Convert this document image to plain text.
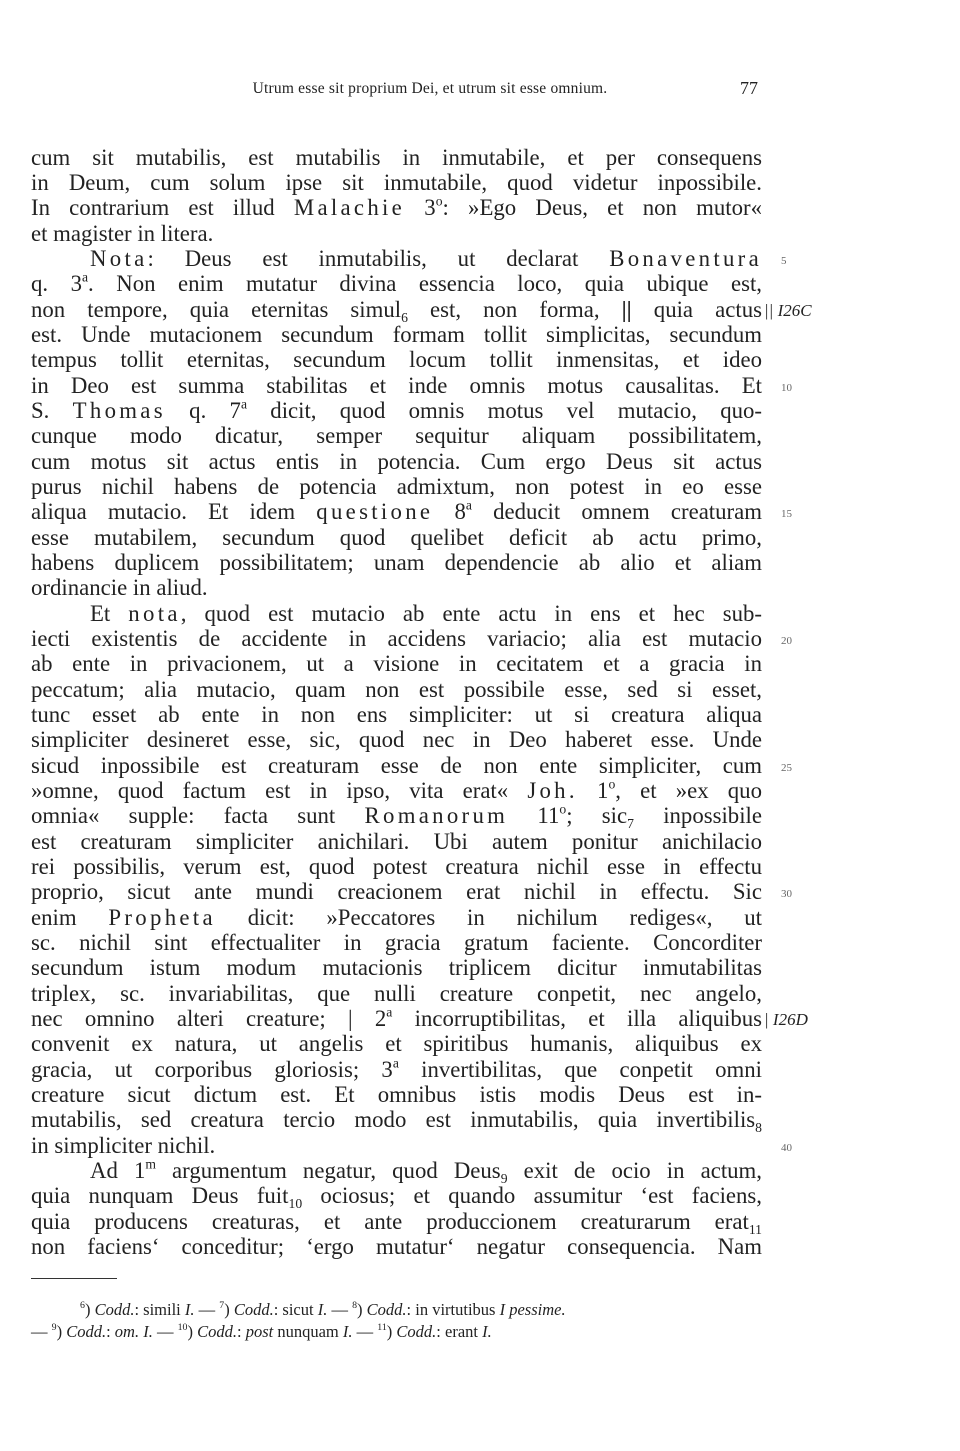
Utrum esse sit proprium Dei, et utrum sit esse omnium.	77
cum sit mutabilis, est mutabilis in inmutabile, et per consequens
in Deum, cum solum ipse sit inmutabile, quod videtur inpossibile.
In contrarium est illud Malachie 3$^o$: »Ego Deus, et non mutor«
et magister in litera.
Nota: Deus est inmutabilis, ut declarat Bonaventura
q. 3$^a$. Non enim mutatur divina essencia loco, quia ubique est,
non tempore, quia eternitas simul$_6$ est, non forma, || quia actus
est. Unde mutacionem secundum formam tollit simplicitas, secundum
tempus tollit eternitas, secundum locum tollit inmensitas, et ideo
in Deo est summa stabilitas et inde omnis motus causalitas. Et
S. Thomas q. 7$^a$ dicit, quod omnis motus vel mutacio, quo-
cunque modo dicatur, semper sequitur aliquam possibilitatem,
cum motus sit actus entis in potencia. Cum ergo Deus sit actus
purus nichil habens de potencia admixtum, non potest in eo esse
aliqua mutacio. Et idem questione 8$^a$ deducit omnem creaturam
esse mutabilem, secundum quod quelibet deficit ab actu primo,
habens duplicem possibilitatem; unam dependencie ab alio et aliam
ordinancie in aliud.
Et nota, quod est mutacio ab ente actu in ens et hec sub-
iecti existentis de accidente in accidens variacio; alia est mutacio
ab ente in privacionem, ut a visione in cecitatem et a gracia in
peccatum; alia mutacio, quam non est possibile esse, sed si esset,
tunc esset ab ente in non ens simpliciter: ut si creatura aliqua
simpliciter desineret esse, sic, quod nec in Deo haberet esse. Unde
sicud inpossibile est creaturam esse de non ente simpliciter, cum
»omne, quod factum est in ipso, vita erat« Joh. 1$^o$, et »ex quo
omnia« supple: facta sunt Romanorum 11$^o$; sic$_7$ inpossibile
est creaturam simpliciter anichilari. Ubi autem ponitur anichilacio
rei possibilis, verum est, quod potest creatura nichil esse in effectu
proprio, sicut ante mundi creacionem erat nichil in effectu. Sic
enim Propheta dicit: »Peccatores in nichilum rediges«, ut
sc. nichil sint effectualiter in gracia gratum faciente. Concorditer
secundum istum modum mutacionis triplicem dicitur inmutabilitas
triplex, sc. invariabilitas, que nulli creature conpetit, nec angelo,
nec omnino alteri creature; | 2$^a$ incorruptibilitas, et illa aliquibus
convenit ex natura, ut angelis et spiritibus humanis, aliquibus ex
gracia, ut corporibus gloriosis; 3$^a$ invertibilitas, que conpetit omni
creature sicut dictum est. Et omnibus istis modis Deus est in-
mutabilis, sed creatura tercio modo est inmutabilis, quia invertibilis$_8$
in simpliciter nichil.
Ad 1$^m$ argumentum negatur, quod Deus$_9$ exit de ocio in actum,
quia nunquam Deus fuit$_{10}$ ociosus; et quando assumitur ‘est faciens,
quia producens creaturas, et ante produccionem creaturarum erat$_{11}$
non faciens‘ conceditur; ‘ergo mutatur‘ negatur consequencia. Nam
5
10
15
20
25
30
40
|| I26C
| I26D
$^6$) Codd.: simili I. — $^7$) Codd.: sicut I. — $^8$) Codd.: in virtutibus I pessime.
— $^9$) Codd.: om. I. — $^{10}$) Codd.: post nunquam I. — $^{11}$) Codd.: erant I.
